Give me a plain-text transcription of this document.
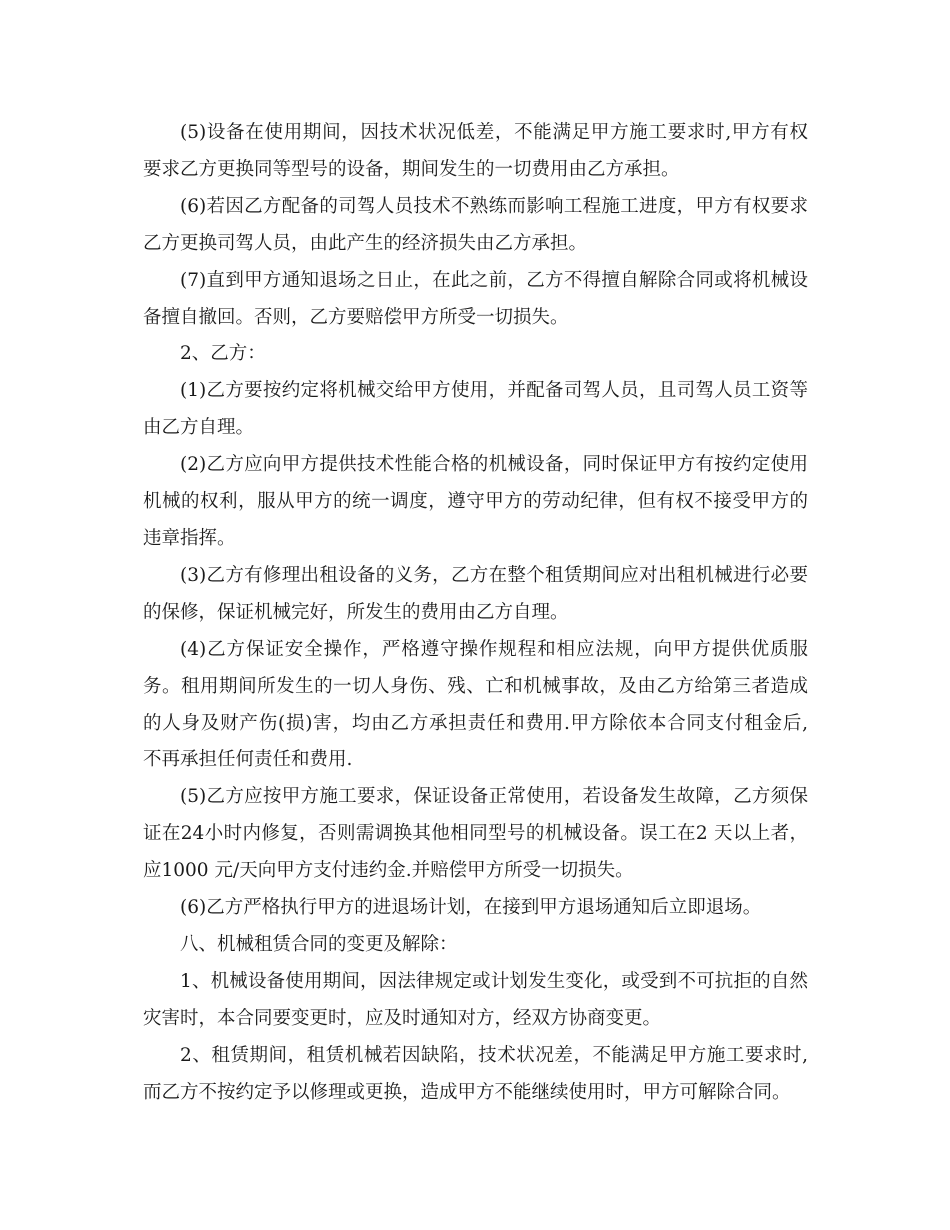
(5)设备在使用期间，因技术状况低差，不能满足甲方施工要求时,甲方有权
要求乙方更换同等型号的设备，期间发生的一切费用由乙方承担。
(6)若因乙方配备的司驾人员技术不熟练而影响工程施工进度，甲方有权要求
乙方更换司驾人员，由此产生的经济损失由乙方承担。
(7)直到甲方通知退场之日止，在此之前，乙方不得擅自解除合同或将机械设
备擅自撤回。否则，乙方要赔偿甲方所受一切损失。
2、乙方：
(1)乙方要按约定将机械交给甲方使用，并配备司驾人员，且司驾人员工资等
由乙方自理。
(2)乙方应向甲方提供技术性能合格的机械设备，同时保证甲方有按约定使用
机械的权利，服从甲方的统一调度，遵守甲方的劳动纪律，但有权不接受甲方的
违章指挥。
(3)乙方有修理出租设备的义务，乙方在整个租赁期间应对出租机械进行必要
的保修，保证机械完好，所发生的费用由乙方自理。
(4)乙方保证安全操作，严格遵守操作规程和相应法规，向甲方提供优质服
务。租用期间所发生的一切人身伤、残、亡和机械事故，及由乙方给第三者造成
的人身及财产伤(损)害，均由乙方承担责任和费用.甲方除依本合同支付租金后,
不再承担任何责任和费用.
(5)乙方应按甲方施工要求，保证设备正常使用，若设备发生故障，乙方须保
证在24小时内修复，否则需调换其他相同型号的机械设备。误工在2 天以上者，
应1000 元/天向甲方支付违约金.并赔偿甲方所受一切损失。
(6)乙方严格执行甲方的进退场计划，在接到甲方退场通知后立即退场。
八、机械租赁合同的变更及解除：
1、机械设备使用期间，因法律规定或计划发生变化，或受到不可抗拒的自然
灾害时，本合同要变更时，应及时通知对方，经双方协商变更。
2、租赁期间，租赁机械若因缺陷，技术状况差，不能满足甲方施工要求时,
而乙方不按约定予以修理或更换，造成甲方不能继续使用时，甲方可解除合同。
